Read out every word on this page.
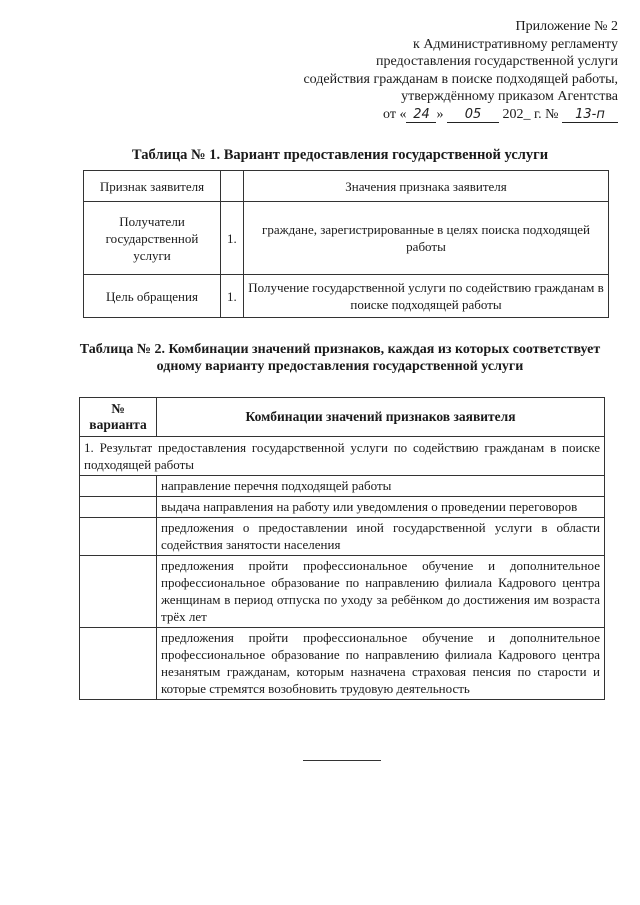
Приложение № 2
к Административному регламенту
предоставления государственной услуги
содействия гражданам в поиске подходящей работы,
утверждённому приказом Агентства
от « 24 » 05 202_ г. № 13-п
Таблица № 1. Вариант предоставления государственной услуги
Признак заявителя		Значения признака заявителя
Получатели государственной услуги	1.	граждане, зарегистрированные в целях поиска подходящей работы
Цель обращения	1.	Получение государственной услуги по содействию гражданам в поиске подходящей работы
Таблица № 2. Комбинации значений признаков, каждая из которых соответствует одному варианту предоставления государственной услуги
№ варианта	Комбинации значений признаков заявителя
1. Результат предоставления государственной услуги по содействию гражданам в поиске подходящей работы	
	направление перечня подходящей работы
	выдача направления на работу или уведомления о проведении переговоров
	предложения о предоставлении иной государственной услуги в области содействия занятости населения
	предложения пройти профессиональное обучение и дополнительное профессиональное образование по направлению филиала Кадрового центра женщинам в период отпуска по уходу за ребёнком до достижения им возраста трёх лет
	предложения пройти профессиональное обучение и дополнительное профессиональное образование по направлению филиала Кадрового центра незанятым гражданам, которым назначена страховая пенсия по старости и которые стремятся возобновить трудовую деятельность
